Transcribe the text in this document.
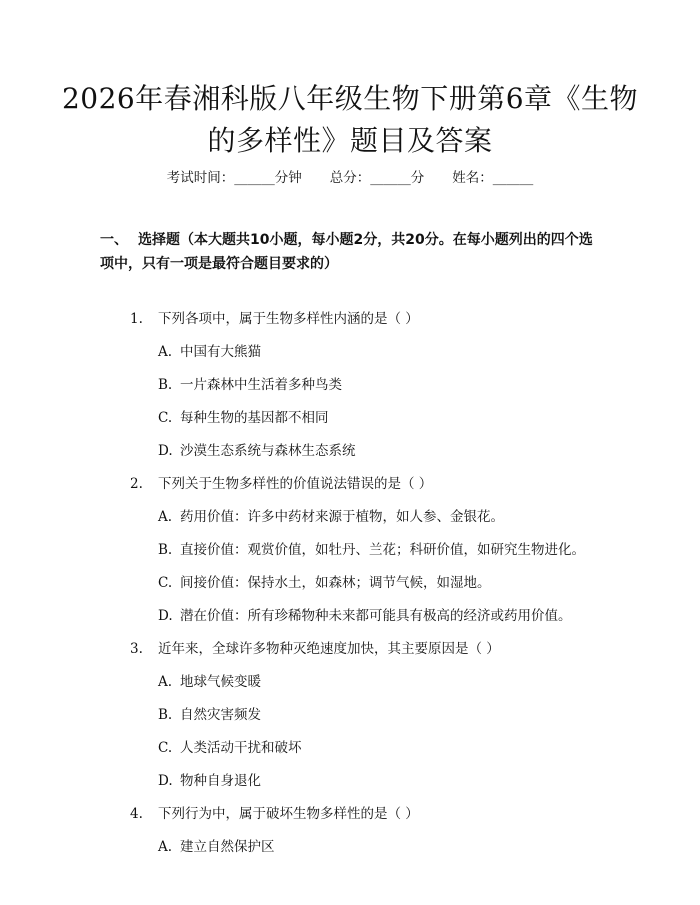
2026年春湘科版八年级生物下册第6章《生物的多样性》题目及答案
考试时间：______分钟 总分：______分 姓名：______

一、 选择题（本大题共10小题，每小题2分，共20分。在每小题列出的四个选项中，只有一项是最符合题目要求的）

1. 下列各项中，属于生物多样性内涵的是（ ）
A. 中国有大熊猫
B. 一片森林中生活着多种鸟类
C. 每种生物的基因都不相同
D. 沙漠生态系统与森林生态系统
2. 下列关于生物多样性的价值说法错误的是（ ）
A. 药用价值：许多中药材来源于植物，如人参、金银花。
B. 直接价值：观赏价值，如牡丹、兰花；科研价值，如研究生物进化。
C. 间接价值：保持水土，如森林；调节气候，如湿地。
D. 潜在价值：所有珍稀物种未来都可能具有极高的经济或药用价值。
3. 近年来，全球许多物种灭绝速度加快，其主要原因是（ ）
A. 地球气候变暖
B. 自然灾害频发
C. 人类活动干扰和破坏
D. 物种自身退化
4. 下列行为中，属于破坏生物多样性的是（ ）
A. 建立自然保护区
